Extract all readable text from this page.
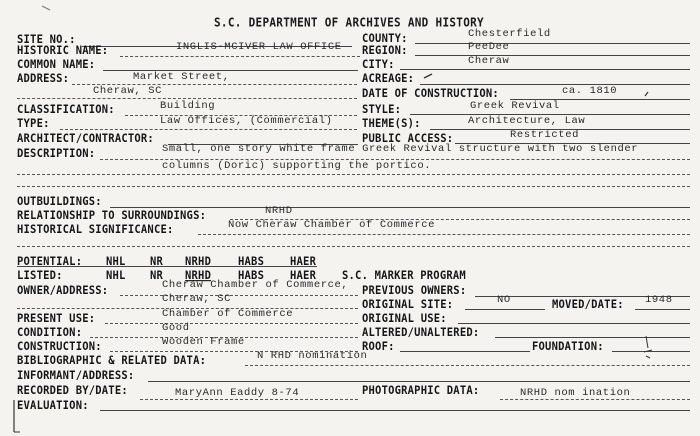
S.C. DEPARTMENT OF ARCHIVES AND HISTORY
SITE NO.:	COUNTY:	Chesterfield
HISTORIC NAME:	INGLIS-MCIVER LAW OFFICE REGION:	PeeDee
COMMON NAME:	CITY:	Cheraw
ADDRESS:	Market Street,
Cheraw, SC
ACREAGE:
DATE OF CONSTRUCTION:	ca. 1810
CLASSIFICATION:	Building	STYLE:	Greek Revival
TYPE:	Law Offices, (Commercial)	THEME(S):	Architecture, Law
ARCHITECT/CONTRACTOR:	PUBLIC ACCESS:	Restricted
DESCRIPTION:	Small, one story white frame Greek Revival structure with two slender
columns (Doric) supporting the portico.
OUTBUILDINGS:
RELATIONSHIP TO SURROUNDINGS:	NRHD
HISTORICAL SIGNIFICANCE:	Now Cheraw Chamber of Commerce
POTENTIAL: NHL NR NRHD	HABS HAER
LISTED:	NHL NR NRHD	HABS HAER S.C. MARKER PROGRAM
OWNER/ADDRESS:	Cheraw Chamber of Commerce,
Cheraw, SC
PREVIOUS OWNERS:
ORIGINAL SITE:	NO	MOVED/DATE: 1948
PRESENT USE:	Chamber of Commerce	ORIGINAL USE:
CONDITION:	Good	ALTERED/UNALTERED:
CONSTRUCTION:	Wooden Frame	ROOF:	FOUNDATION:
BIBLIOGRAPHIC & RELATED DATA:	N RHD nomination
INFORMANT/ADDRESS:
RECORDED BY/DATE:	MaryAnn Eaddy 8-74	PHOTOGRAPHIC DATA:	NRHD nom ination
EVALUATION:
